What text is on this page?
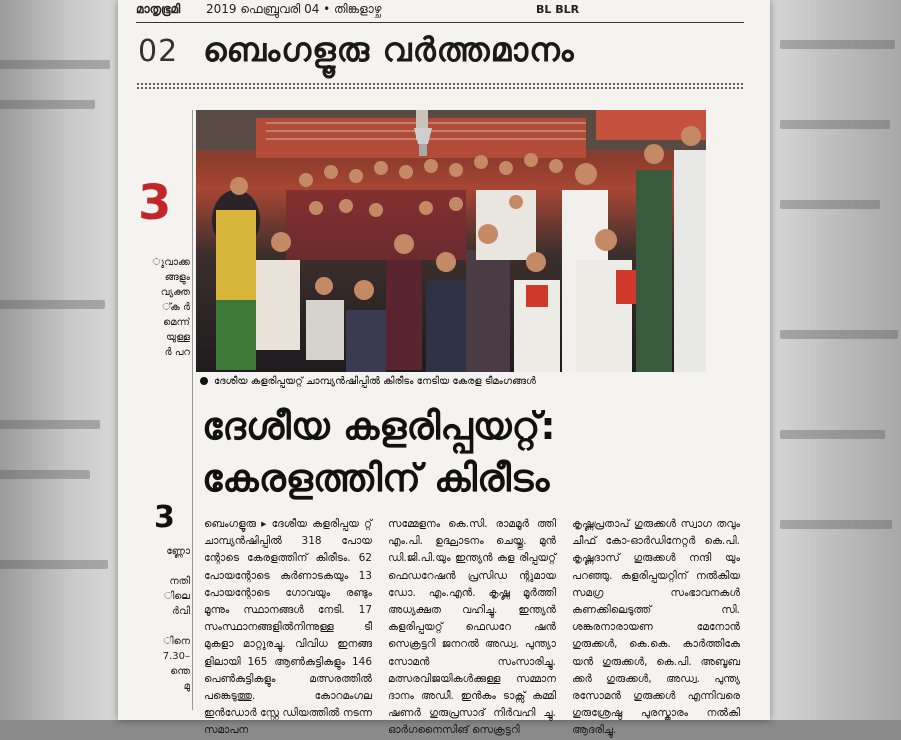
മാതൃഭൂമി 2019 ഫെബ്രുവരി 04 • തിങ്കളാഴ്ച	BL BLR
02 ബെംഗളൂരു വർത്തമാനം
3
ുവാക്ക
ങ്ങളും
വ്യക്ത
്ക ർ
മെന്ന്
യുള്ള
ർ പറ
3
ണ്ണോ

നതി
ിലെ
ർവി

ിനെ
7.30–
ന്തെ
മു
ദേശീയ കളരിപ്പയറ്റ് ചാമ്പ്യൻഷിപ്പിൽ കിരീടം നേടിയ കേരള ടീമംഗങ്ങൾ
ദേശീയ കളരിപ്പയറ്റ്:
കേരളത്തിന് കിരീടം
ബെംഗളൂരു ▸ ദേശീയ കളരിപ്പയ റ്റ് ചാമ്പ്യൻഷിപ്പിൽ 318 പോയ ന്റോടെ കേരളത്തിന് കിരീടം. 62 പോയന്റോടെ കർണാടകയും 13 പോയന്റോടെ ഗോവയും രണ്ടും മൂന്നും സ്ഥാനങ്ങൾ നേടി. 17 സംസ്ഥാനങ്ങളിൽനിന്നുള്ള ടീ മുകളാ മാറ്റുരച്ചു. വിവിധ ഇനങ്ങ ളിലായി 165 ആൺകുട്ടികളും 146 പെൺകുട്ടികളും മത്സരത്തിൽ പങ്കെടുത്തു. കോറമംഗല ഇൻഡോർ സ്റ്റേ ഡിയത്തിൽ നടന്ന സമാപന
സമ്മേളനം കെ.സി. രാമമൂർ ത്തി എം.പി. ഉദ്ഘാടനം ചെയ്തു. മുൻ ഡി.ജി.പി.യും ഇന്ത്യൻ കള രിപ്പയറ്റ് ഫെഡറേഷൻ പ്രസിഡ ന്റുമായ ഡോ. എം.എൻ. കൃഷ്ണ മൂർത്തി അധ്യക്ഷത വഹിച്ചു. ഇന്ത്യൻ കളരിപ്പയറ്റ് ഫെഡറേ ഷൻ സെക്രട്ടറി ജനറൽ അഡ്വ. പുന്ത്യാ സോമൻ സംസാരിച്ചു. മത്സരവിജയികൾക്കുള്ള സമ്മാന ദാനം അഡീ. ഇൻകം ടാക്സ് കമ്മി ഷണർ ഗുരുപ്രസാദ് നിർവഹി ച്ചു. ഓർഗനൈസിങ് സെക്രട്ടറി
കൃഷ്ണപ്രതാപ് ഗുരുക്കൾ സ്വാഗ തവും ചീഫ് കോ-ഓർഡിനേറ്റർ കെ.പി. കൃഷ്ണദാസ് ഗുരുക്കൾ നന്ദി യും പറഞ്ഞു. കളരിപ്പയറ്റിന് നൽകിയ സമഗ്ര സംഭാവനകൾ കണക്കിലെടുത്ത് സി. ശങ്കരനാരായണ മേനോൻ ഗുരുക്കൾ, കെ.കെ. കാർത്തികേ യൻ ഗുരുക്കൾ, കെ.പി. അബൂബ ക്കർ ഗുരുക്കൾ, അഡ്വ. പുന്ത്യ രസോമൻ ഗുരുക്കൾ എന്നിവരെ ഗുരുശ്രേഷ്ഠ പുരസ്കാരം നൽകി ആദരിച്ചു.
